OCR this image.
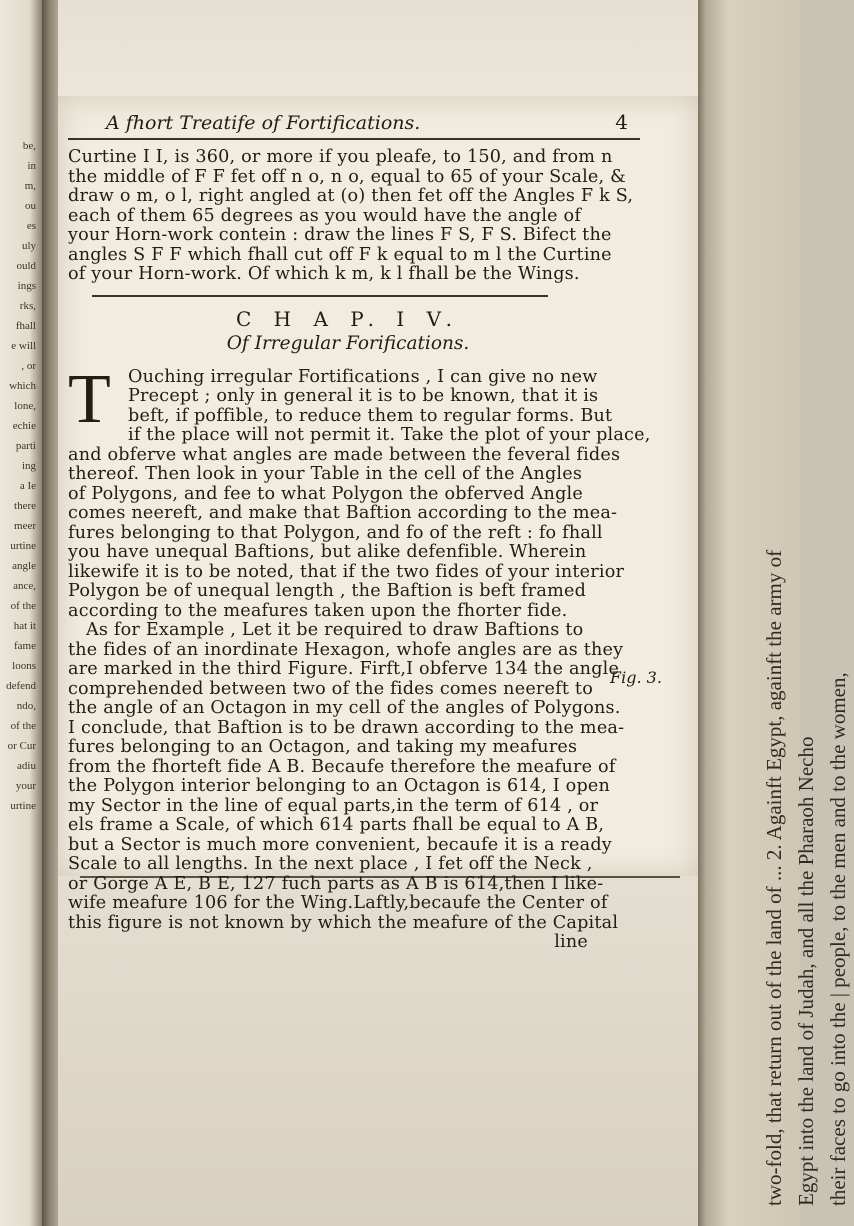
be,
in
m,
ou
es
uly
ould
ings
rks,
fhall
e will
, or
which
lone,
echie
parti
ing
a Ie
there
meer
urtine
angle
ance,
of the
hat it
fame
loons
defend
ndo,
of the
or Cur
adiu
your
urtine	two-fold, that return out of the land of ... 2. Againft Egypt, againft the army of Egypt into the land of Judah, and all the Pharaoh Necho their faces to go into the | people, to the men and to the women,
A fhort Treatife of Fortifications.	4
Curtine I I, is 360, or more if you pleafe, to 150, and from n
the middle of F F fet off n o, n o, equal to 65 of your Scale, &
draw o m, o l, right angled at (o) then fet off the Angles F k S,
each of them 65 degrees as you would have the angle of
your Horn-work contein : draw the lines F S, F S. Bifect the
angles S F F which fhall cut off F k equal to m l the Curtine
of your Horn-work. Of which k m, k l fhall be the Wings.
C H A P. I V.
Of Irregular Forifications.
T Ouching irregular Fortifications , I can give no new
Precept ; only in general it is to be known, that it is
beft, if poffible, to reduce them to regular forms. But
if the place will not permit it. Take the plot of your place,
and obferve what angles are made between the feveral fides
thereof. Then look in your Table in the cell of the Angles
of Polygons, and fee to what Polygon the obferved Angle
comes neereft, and make that Baftion according to the mea-
fures belonging to that Polygon, and fo of the reft : fo fhall
you have unequal Baftions, but alike defenfible. Wherein
likewife it is to be noted, that if the two fides of your interior
Polygon be of unequal length , the Baftion is beft framed
according to the meafures taken upon the fhorter fide.
As for Example , Let it be required to draw Baftions to
the fides of an inordinate Hexagon, whofe angles are as they
are marked in the third Figure. Firft,I obferve 134 the angle
comprehended between two of the fides comes neereft to
the angle of an Octagon in my cell of the angles of Polygons.
I conclude, that Baftion is to be drawn according to the mea-
fures belonging to an Octagon, and taking my meafures
from the fhorteft fide A B. Becaufe therefore the meafure of
the Polygon interior belonging to an Octagon is 614, I open
my Sector in the line of equal parts,in the term of 614 , or
els frame a Scale, of which 614 parts fhall be equal to A B,
but a Sector is much more convenient, becaufe it is a ready
Scale to all lengths. In the next place , I fet off the Neck ,
or Gorge A E, B E, 127 fuch parts as A B is 614,then I like-
wife meafure 106 for the Wing.Laftly,becaufe the Center of
this figure is not known by which the meafure of the Capital
line
Fig. 3.
